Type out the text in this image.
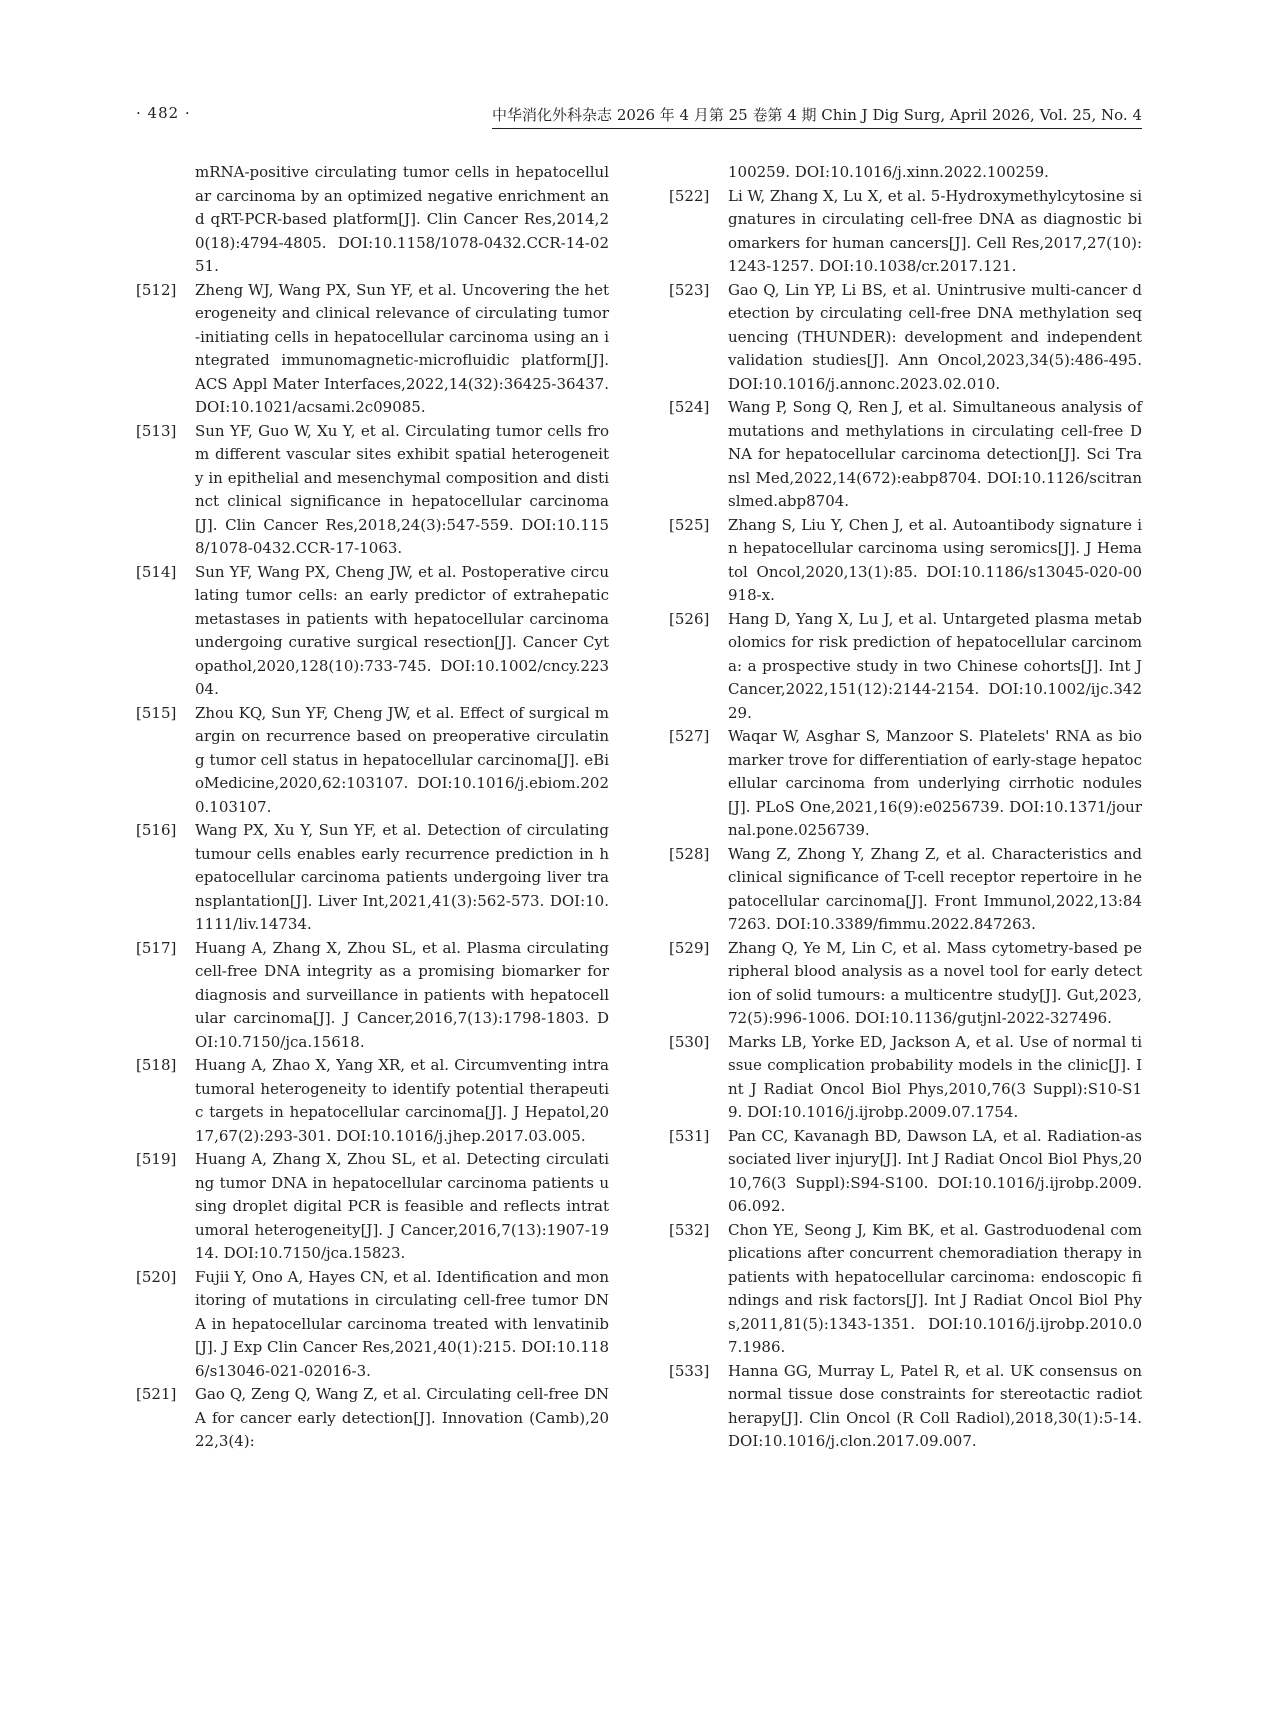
· 482 ·	中华消化外科杂志 2026 年 4 月第 25 卷第 4 期 Chin J Dig Surg, April 2026, Vol. 25, No. 4
mRNA-positive circulating tumor cells in hepatocellular carcinoma by an optimized negative enrichment and qRT-PCR-based platform[J]. Clin Cancer Res,2014,20(18):4794-4805. DOI:10.1158/1078-0432.CCR-14-0251.
[512]	Zheng WJ, Wang PX, Sun YF, et al. Uncovering the heterogeneity and clinical relevance of circulating tumor-initiating cells in hepatocellular carcinoma using an integrated immunomagnetic-microfluidic platform[J]. ACS Appl Mater Interfaces,2022,14(32):36425-36437. DOI:10.1021/acsami.2c09085.
[513]	Sun YF, Guo W, Xu Y, et al. Circulating tumor cells from different vascular sites exhibit spatial heterogeneity in epithelial and mesenchymal composition and distinct clinical significance in hepatocellular carcinoma[J]. Clin Cancer Res,2018,24(3):547-559. DOI:10.1158/1078-0432.CCR-17-1063.
[514]	Sun YF, Wang PX, Cheng JW, et al. Postoperative circulating tumor cells: an early predictor of extrahepatic metastases in patients with hepatocellular carcinoma undergoing curative surgical resection[J]. Cancer Cytopathol,2020,128(10):733-745. DOI:10.1002/cncy.22304.
[515]	Zhou KQ, Sun YF, Cheng JW, et al. Effect of surgical margin on recurrence based on preoperative circulating tumor cell status in hepatocellular carcinoma[J]. eBioMedicine,2020,62:103107. DOI:10.1016/j.ebiom.2020.103107.
[516]	Wang PX, Xu Y, Sun YF, et al. Detection of circulating tumour cells enables early recurrence prediction in hepatocellular carcinoma patients undergoing liver transplantation[J]. Liver Int,2021,41(3):562-573. DOI:10.1111/liv.14734.
[517]	Huang A, Zhang X, Zhou SL, et al. Plasma circulating cell-free DNA integrity as a promising biomarker for diagnosis and surveillance in patients with hepatocellular carcinoma[J]. J Cancer,2016,7(13):1798-1803. DOI:10.7150/jca.15618.
[518]	Huang A, Zhao X, Yang XR, et al. Circumventing intratumoral heterogeneity to identify potential therapeutic targets in hepatocellular carcinoma[J]. J Hepatol,2017,67(2):293-301. DOI:10.1016/j.jhep.2017.03.005.
[519]	Huang A, Zhang X, Zhou SL, et al. Detecting circulating tumor DNA in hepatocellular carcinoma patients using droplet digital PCR is feasible and reflects intratumoral heterogeneity[J]. J Cancer,2016,7(13):1907-1914. DOI:10.7150/jca.15823.
[520]	Fujii Y, Ono A, Hayes CN, et al. Identification and monitoring of mutations in circulating cell-free tumor DNA in hepatocellular carcinoma treated with lenvatinib[J]. J Exp Clin Cancer Res,2021,40(1):215. DOI:10.1186/s13046-021-02016-3.
[521]	Gao Q, Zeng Q, Wang Z, et al. Circulating cell-free DNA for cancer early detection[J]. Innovation (Camb),2022,3(4):
100259. DOI:10.1016/j.xinn.2022.100259.
[522]	Li W, Zhang X, Lu X, et al. 5-Hydroxymethylcytosine signatures in circulating cell-free DNA as diagnostic biomarkers for human cancers[J]. Cell Res,2017,27(10):1243-1257. DOI:10.1038/cr.2017.121.
[523]	Gao Q, Lin YP, Li BS, et al. Unintrusive multi-cancer detection by circulating cell-free DNA methylation sequencing (THUNDER): development and independent validation studies[J]. Ann Oncol,2023,34(5):486-495. DOI:10.1016/j.annonc.2023.02.010.
[524]	Wang P, Song Q, Ren J, et al. Simultaneous analysis of mutations and methylations in circulating cell-free DNA for hepatocellular carcinoma detection[J]. Sci Transl Med,2022,14(672):eabp8704. DOI:10.1126/scitranslmed.abp8704.
[525]	Zhang S, Liu Y, Chen J, et al. Autoantibody signature in hepatocellular carcinoma using seromics[J]. J Hematol Oncol,2020,13(1):85. DOI:10.1186/s13045-020-00918-x.
[526]	Hang D, Yang X, Lu J, et al. Untargeted plasma metabolomics for risk prediction of hepatocellular carcinoma: a prospective study in two Chinese cohorts[J]. Int J Cancer,2022,151(12):2144-2154. DOI:10.1002/ijc.34229.
[527]	Waqar W, Asghar S, Manzoor S. Platelets' RNA as biomarker trove for differentiation of early-stage hepatocellular carcinoma from underlying cirrhotic nodules[J]. PLoS One,2021,16(9):e0256739. DOI:10.1371/journal.pone.0256739.
[528]	Wang Z, Zhong Y, Zhang Z, et al. Characteristics and clinical significance of T-cell receptor repertoire in hepatocellular carcinoma[J]. Front Immunol,2022,13:847263. DOI:10.3389/fimmu.2022.847263.
[529]	Zhang Q, Ye M, Lin C, et al. Mass cytometry-based peripheral blood analysis as a novel tool for early detection of solid tumours: a multicentre study[J]. Gut,2023,72(5):996-1006. DOI:10.1136/gutjnl-2022-327496.
[530]	Marks LB, Yorke ED, Jackson A, et al. Use of normal tissue complication probability models in the clinic[J]. Int J Radiat Oncol Biol Phys,2010,76(3 Suppl):S10-S19. DOI:10.1016/j.ijrobp.2009.07.1754.
[531]	Pan CC, Kavanagh BD, Dawson LA, et al. Radiation-associated liver injury[J]. Int J Radiat Oncol Biol Phys,2010,76(3 Suppl):S94-S100. DOI:10.1016/j.ijrobp.2009.06.092.
[532]	Chon YE, Seong J, Kim BK, et al. Gastroduodenal complications after concurrent chemoradiation therapy in patients with hepatocellular carcinoma: endoscopic findings and risk factors[J]. Int J Radiat Oncol Biol Phys,2011,81(5):1343-1351. DOI:10.1016/j.ijrobp.2010.07.1986.
[533]	Hanna GG, Murray L, Patel R, et al. UK consensus on normal tissue dose constraints for stereotactic radiotherapy[J]. Clin Oncol (R Coll Radiol),2018,30(1):5-14. DOI:10.1016/j.clon.2017.09.007.
